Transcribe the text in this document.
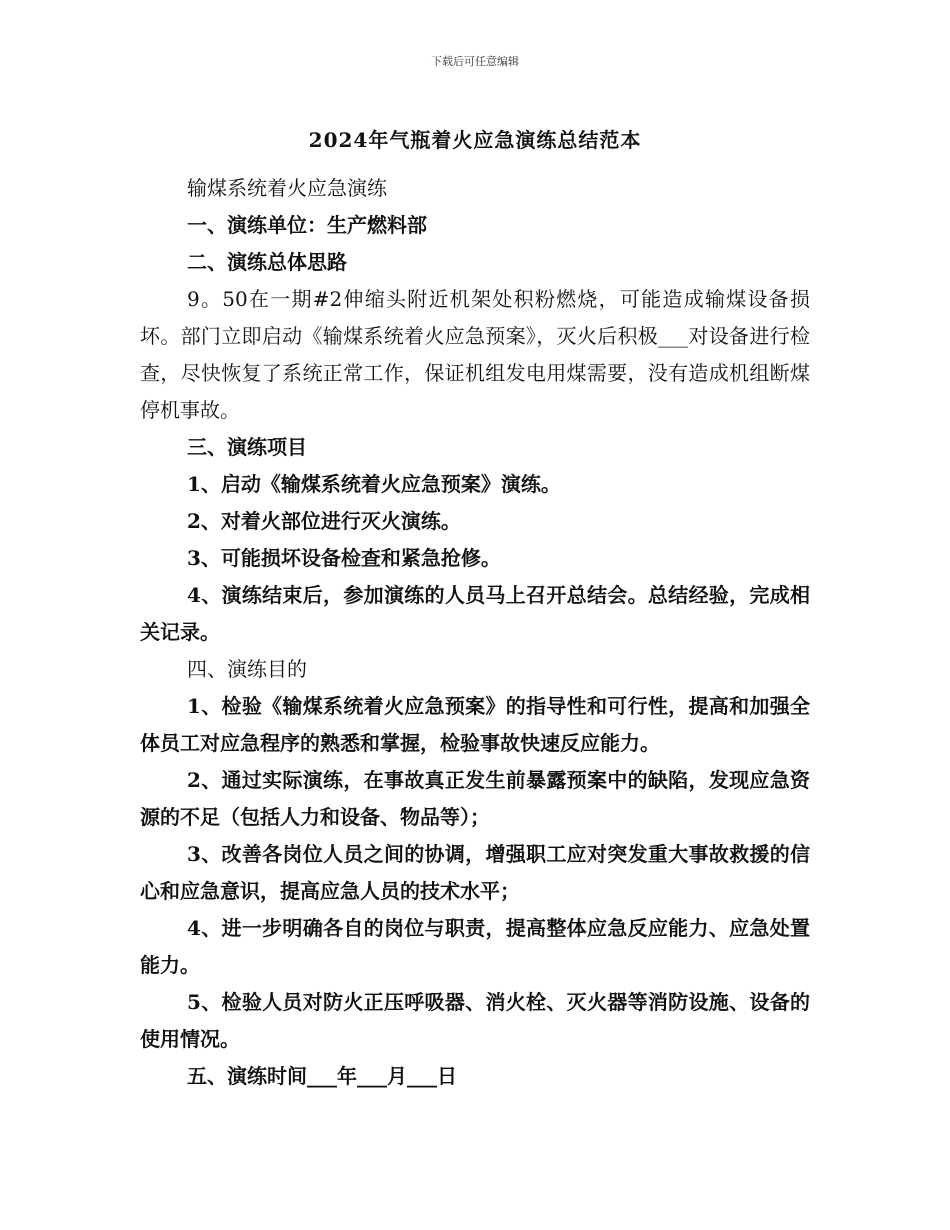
下载后可任意编辑
2024年气瓶着火应急演练总结范本

输煤系统着火应急演练

一、演练单位：生产燃料部

二、演练总体思路

9。50在一期#2伸缩头附近机架处积粉燃烧，可能造成输煤设备损坏。部门立即启动《输煤系统着火应急预案》，灭火后积极___对设备进行检查，尽快恢复了系统正常工作，保证机组发电用煤需要，没有造成机组断煤停机事故。

三、演练项目

1、启动《输煤系统着火应急预案》演练。

2、对着火部位进行灭火演练。

3、可能损坏设备检查和紧急抢修。

4、演练结束后，参加演练的人员马上召开总结会。总结经验，完成相关记录。

四、演练目的

1、检验《输煤系统着火应急预案》的指导性和可行性，提高和加强全体员工对应急程序的熟悉和掌握，检验事故快速反应能力。

2、通过实际演练，在事故真正发生前暴露预案中的缺陷，发现应急资源的不足（包括人力和设备、物品等）；

3、改善各岗位人员之间的协调，增强职工应对突发重大事故救援的信心和应急意识，提高应急人员的技术水平；

4、进一步明确各自的岗位与职责，提高整体应急反应能力、应急处置能力。

5、检验人员对防火正压呼吸器、消火栓、灭火器等消防设施、设备的使用情况。

五、演练时间___年___月___日
